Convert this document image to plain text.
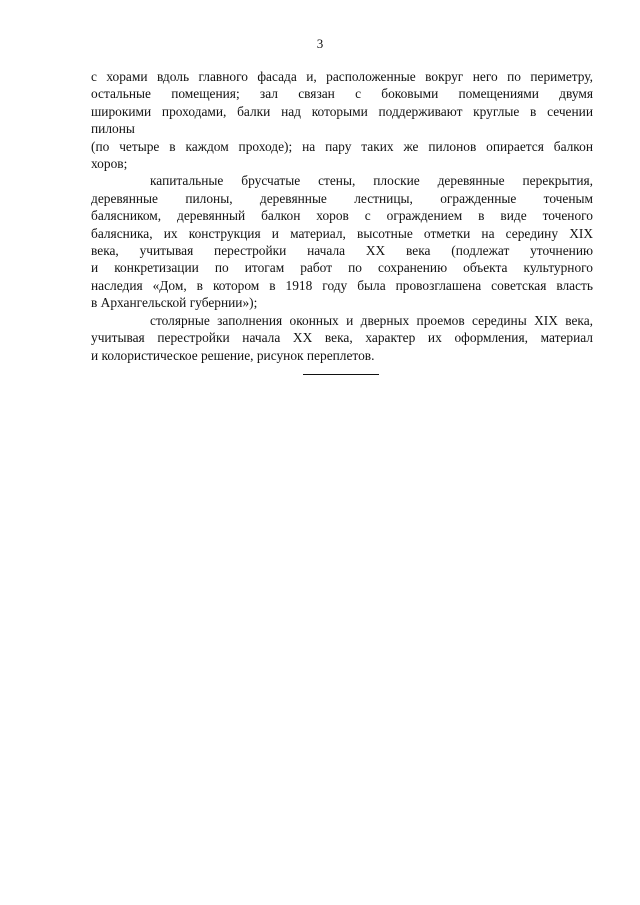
3
с хорами вдоль главного фасада и, расположенные вокруг него по периметру,
остальные помещения; зал связан с боковыми помещениями двумя
широкими проходами, балки над которыми поддерживают круглые в сечении
пилоны
(по четыре в каждом проходе); на пару таких же пилонов опирается балкон
хоров;
капитальные брусчатые стены, плоские деревянные перекрытия,
деревянные пилоны, деревянные лестницы, огражденные точеным
балясником, деревянный балкон хоров с ограждением в виде точеного
балясника, их конструкция и материал, высотные отметки на середину XIX
века, учитывая перестройки начала XX века (подлежат уточнению
и конкретизации по итогам работ по сохранению объекта культурного
наследия «Дом, в котором в 1918 году была провозглашена советская власть
в Архангельской губернии»);
столярные заполнения оконных и дверных проемов середины XIX века,
учитывая перестройки начала XX века, характер их оформления, материал
и колористическое решение, рисунок переплетов.
